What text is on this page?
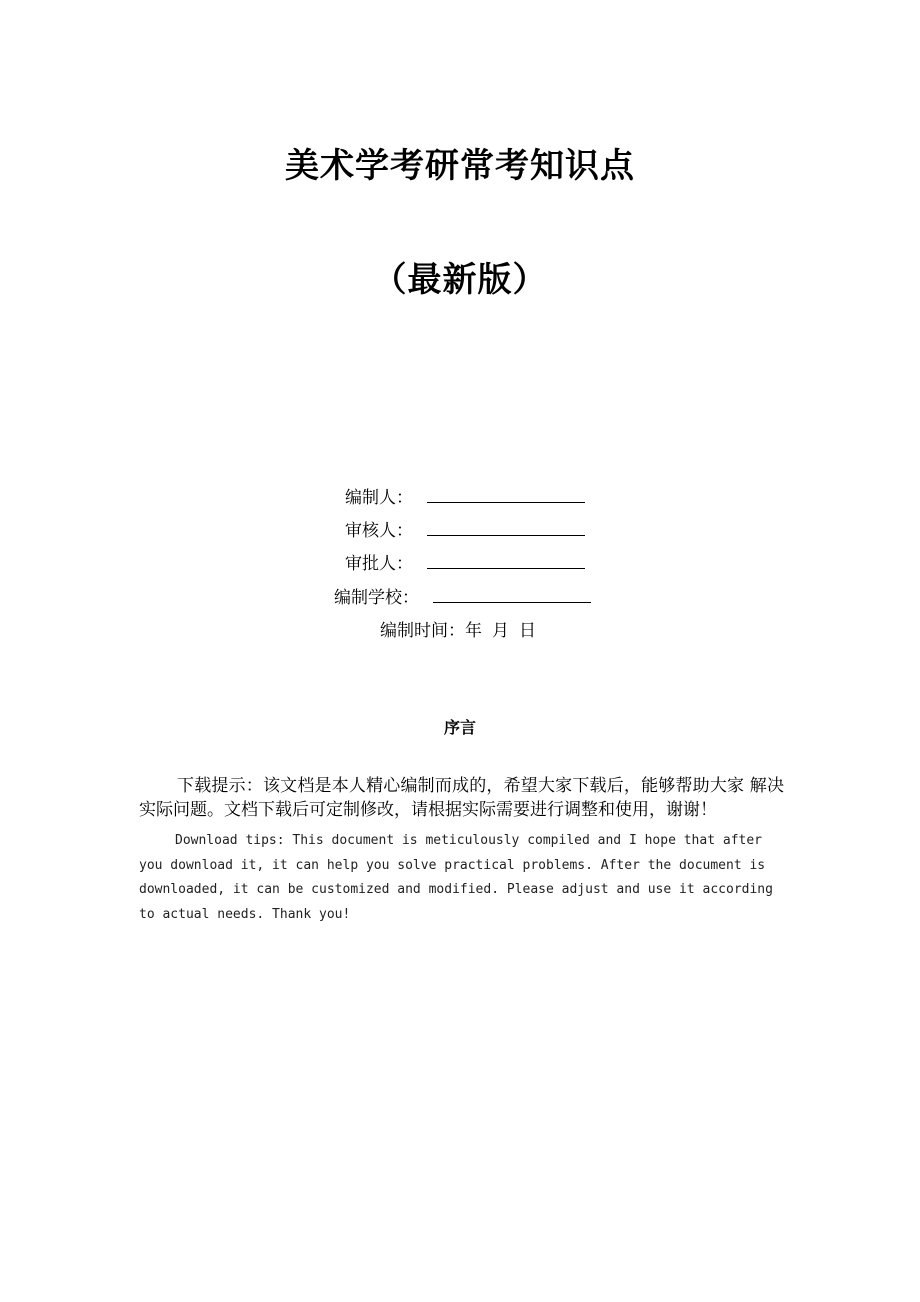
美术学考研常考知识点
（最新版）
编制人：
审核人：
审批人：
编制学校：
编制时间：年 月 日
序言
下载提示：该文档是本人精心编制而成的，希望大家下载后，能够帮助大家 解决实际问题。文档下载后可定制修改，请根据实际需要进行调整和使用，谢谢！
Download tips: This document is meticulously compiled and I hope that after you download it, it can help you solve practical problems. After the document is downloaded, it can be customized and modified. Please adjust and use it according to actual needs. Thank you!
